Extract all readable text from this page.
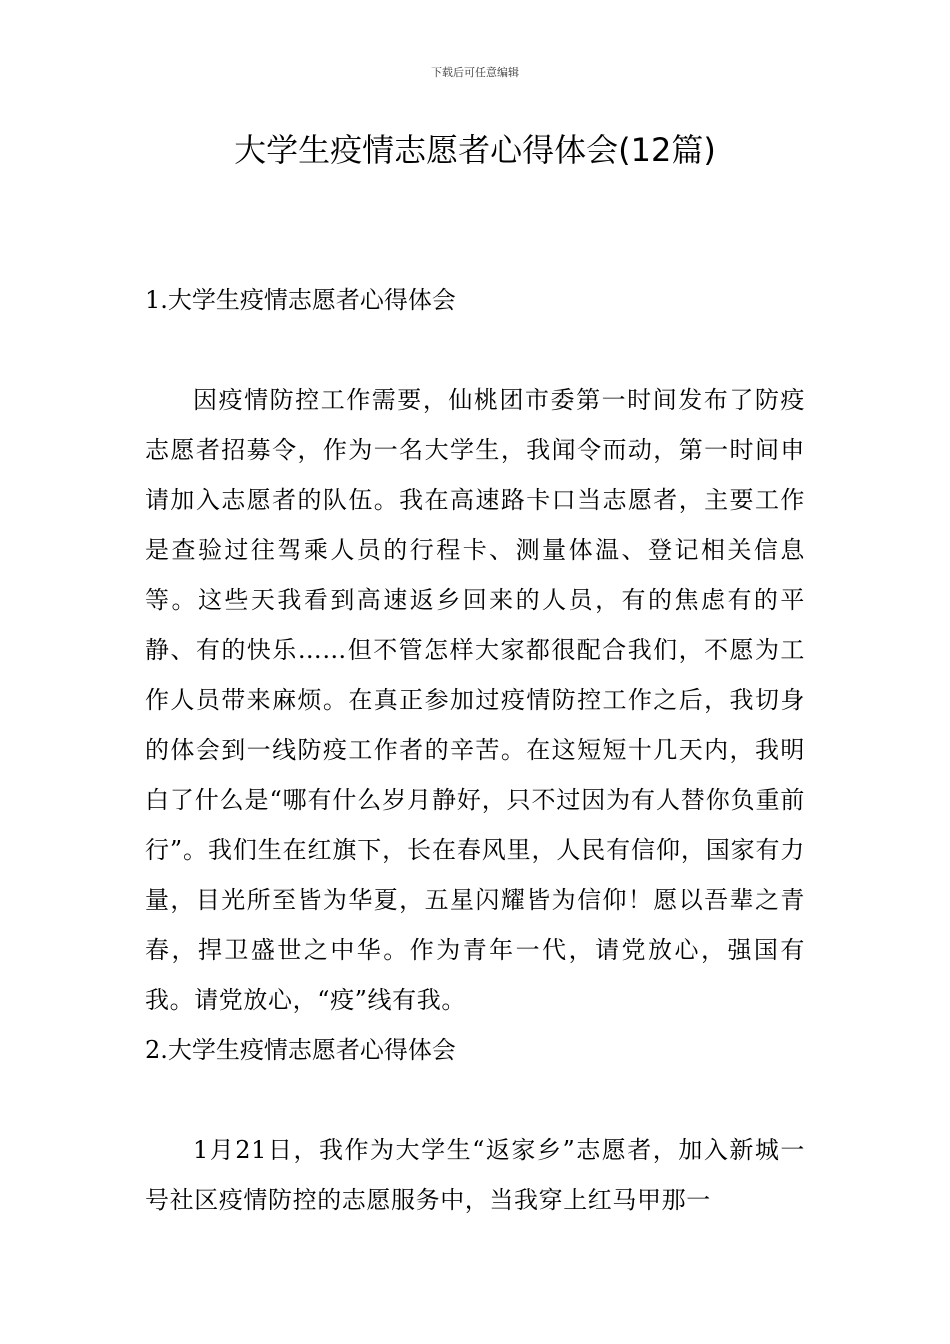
下载后可任意编辑
大学生疫情志愿者心得体会(12篇)
1.大学生疫情志愿者心得体会

因疫情防控工作需要，仙桃团市委第一时间发布了防疫志愿者招募令，作为一名大学生，我闻令而动，第一时间申请加入志愿者的队伍。我在高速路卡口当志愿者，主要工作是查验过往驾乘人员的行程卡、测量体温、登记相关信息等。这些天我看到高速返乡回来的人员，有的焦虑有的平静、有的快乐……但不管怎样大家都很配合我们，不愿为工作人员带来麻烦。在真正参加过疫情防控工作之后，我切身的体会到一线防疫工作者的辛苦。在这短短十几天内，我明白了什么是“哪有什么岁月静好，只不过因为有人替你负重前行”。我们生在红旗下，长在春风里，人民有信仰，国家有力量，目光所至皆为华夏，五星闪耀皆为信仰！愿以吾辈之青春，捍卫盛世之中华。作为青年一代，请党放心，强国有我。请党放心，“疫”线有我。

2.大学生疫情志愿者心得体会

1月21日，我作为大学生“返家乡”志愿者，加入新城一号社区疫情防控的志愿服务中，当我穿上红马甲那一
